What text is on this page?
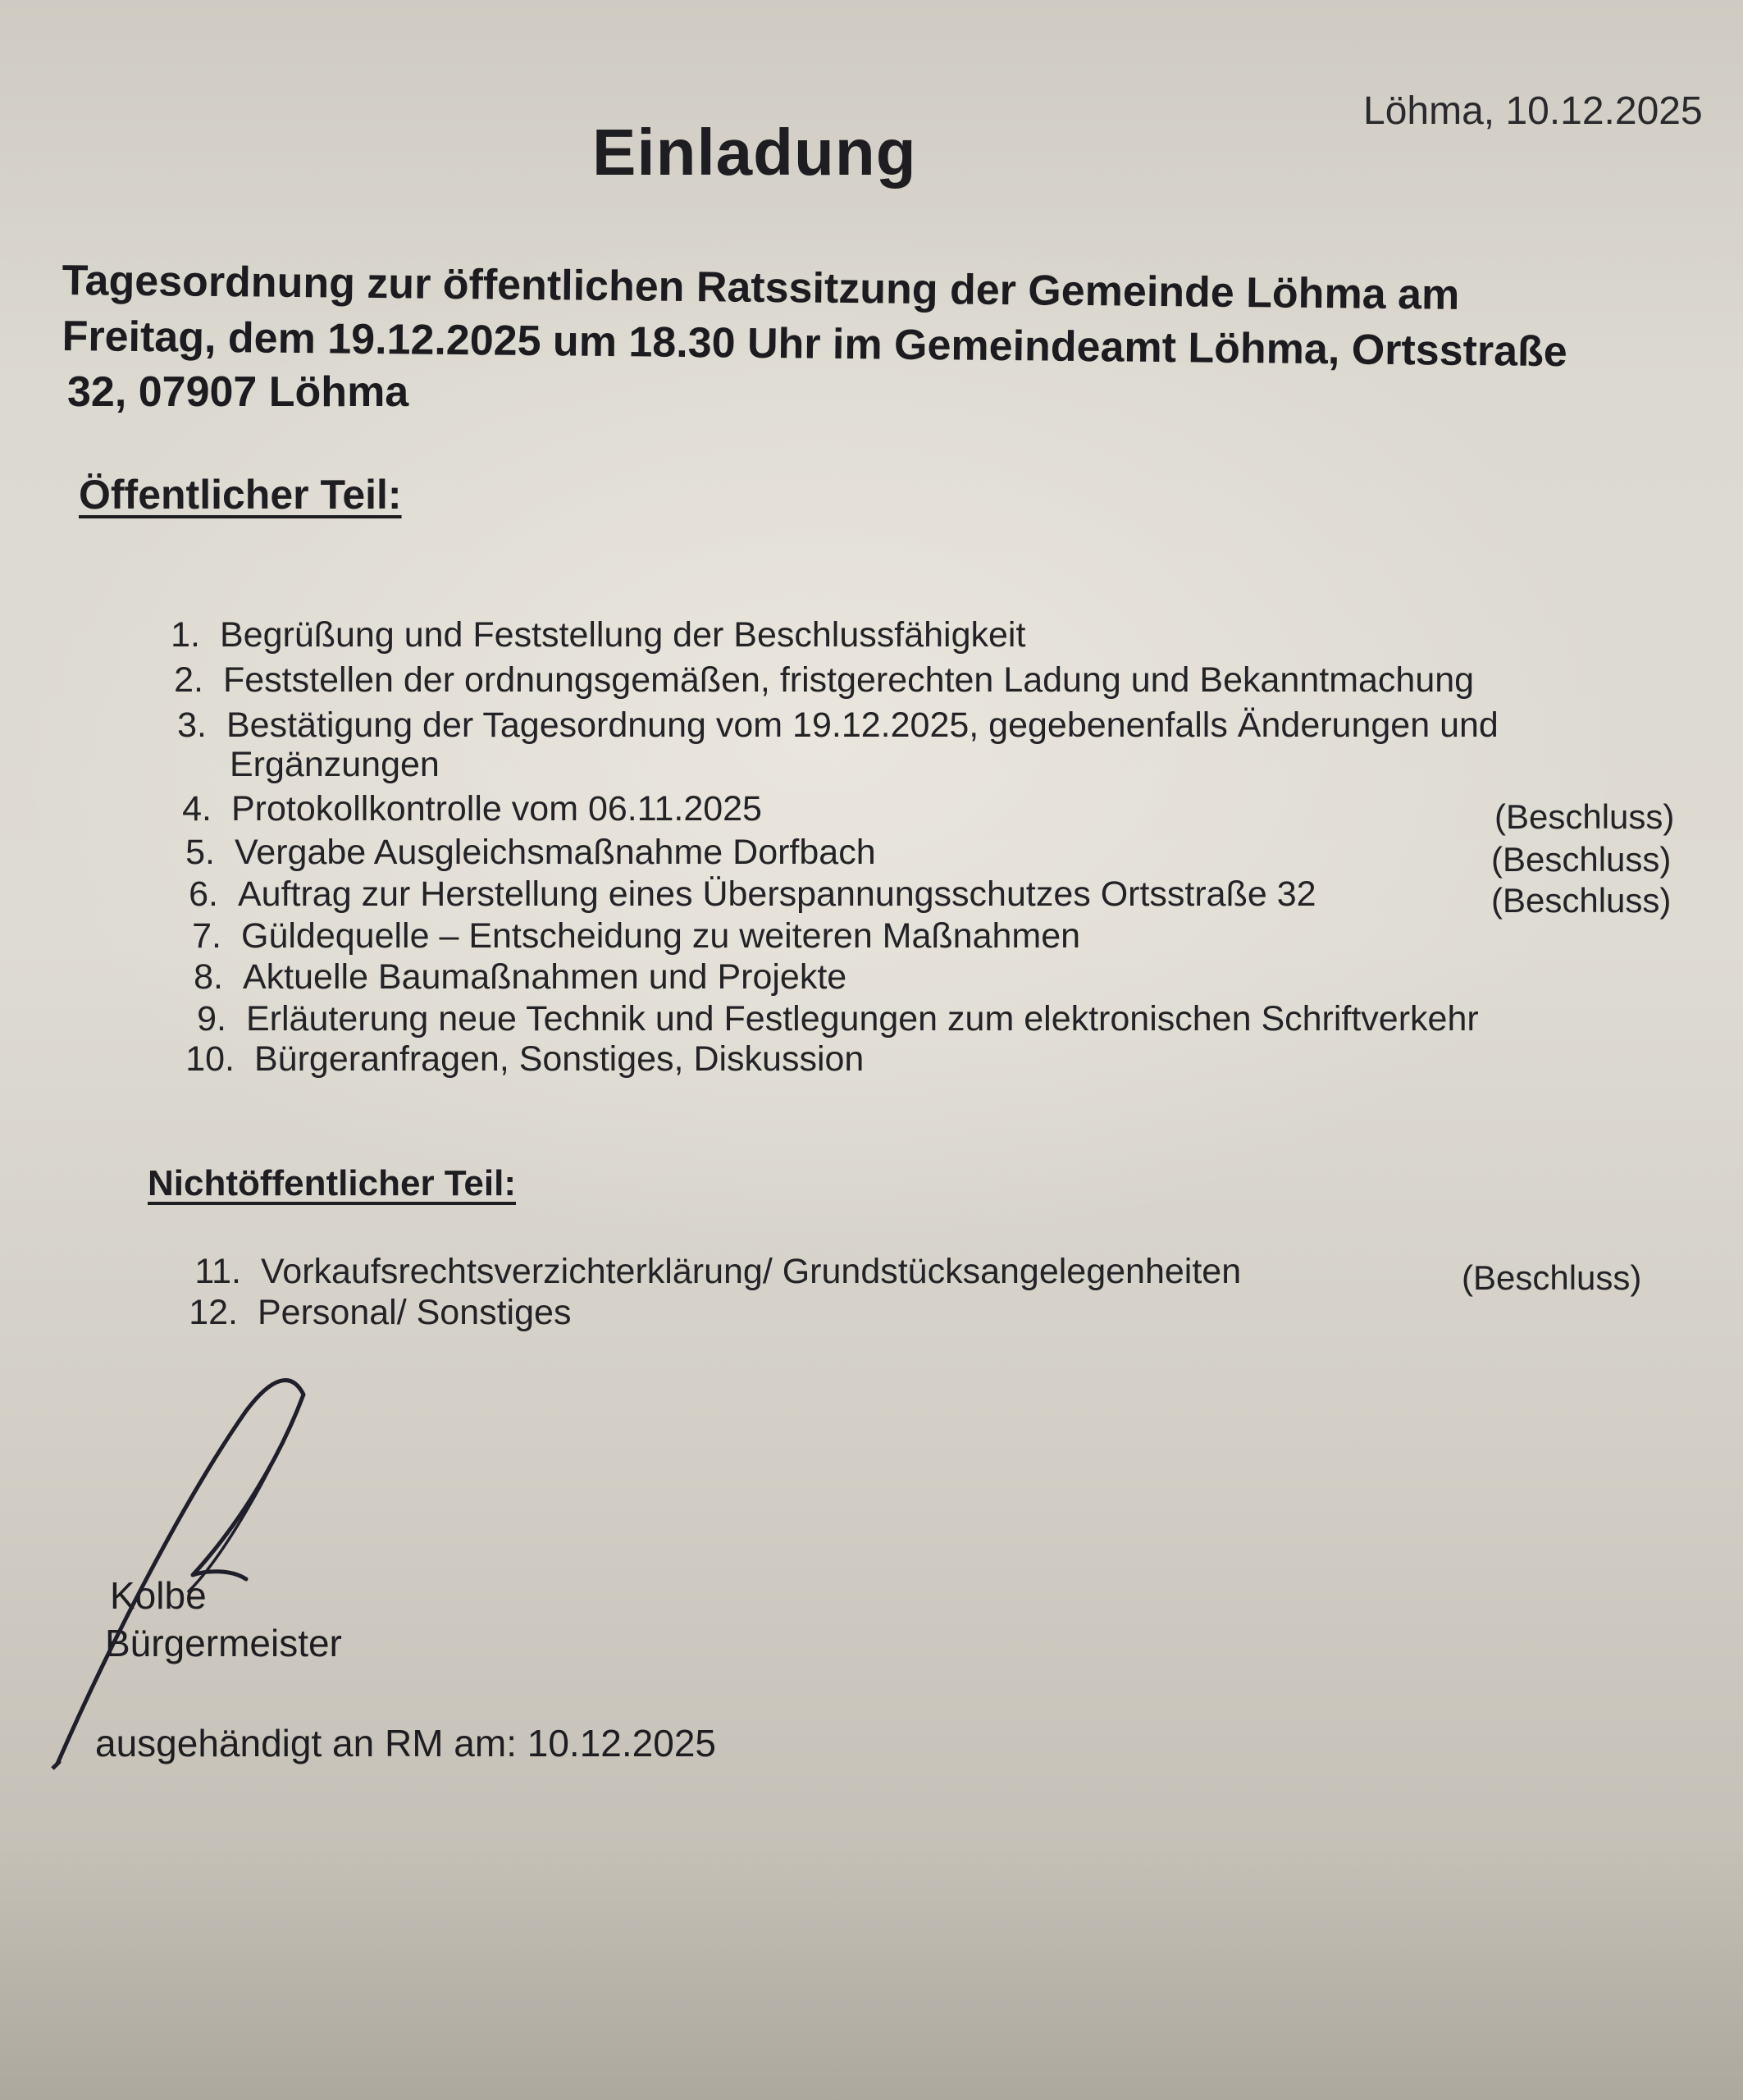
Löhma, 10.12.2025
Einladung
Tagesordnung zur öffentlichen Ratssitzung der Gemeinde Löhma am
Freitag, dem 19.12.2025 um 18.30 Uhr im Gemeindeamt Löhma, Ortsstraße
32, 07907 Löhma
Öffentlicher Teil:
1. Begrüßung und Feststellung der Beschlussfähigkeit
2. Feststellen der ordnungsgemäßen, fristgerechten Ladung und Bekanntmachung
3. Bestätigung der Tagesordnung vom 19.12.2025, gegebenenfalls Änderungen und
Ergänzungen
4. Protokollkontrolle vom 06.11.2025	(Beschluss)
5. Vergabe Ausgleichsmaßnahme Dorfbach	(Beschluss)
6. Auftrag zur Herstellung eines Überspannungsschutzes Ortsstraße 32	(Beschluss)
7. Güldequelle – Entscheidung zu weiteren Maßnahmen
8. Aktuelle Baumaßnahmen und Projekte
9. Erläuterung neue Technik und Festlegungen zum elektronischen Schriftverkehr
10. Bürgeranfragen, Sonstiges, Diskussion
Nichtöffentlicher Teil:
11. Vorkaufsrechtsverzichterklärung/ Grundstücksangelegenheiten	(Beschluss)
12. Personal/ Sonstiges
Kolbe
Bürgermeister
ausgehändigt an RM am: 10.12.2025
